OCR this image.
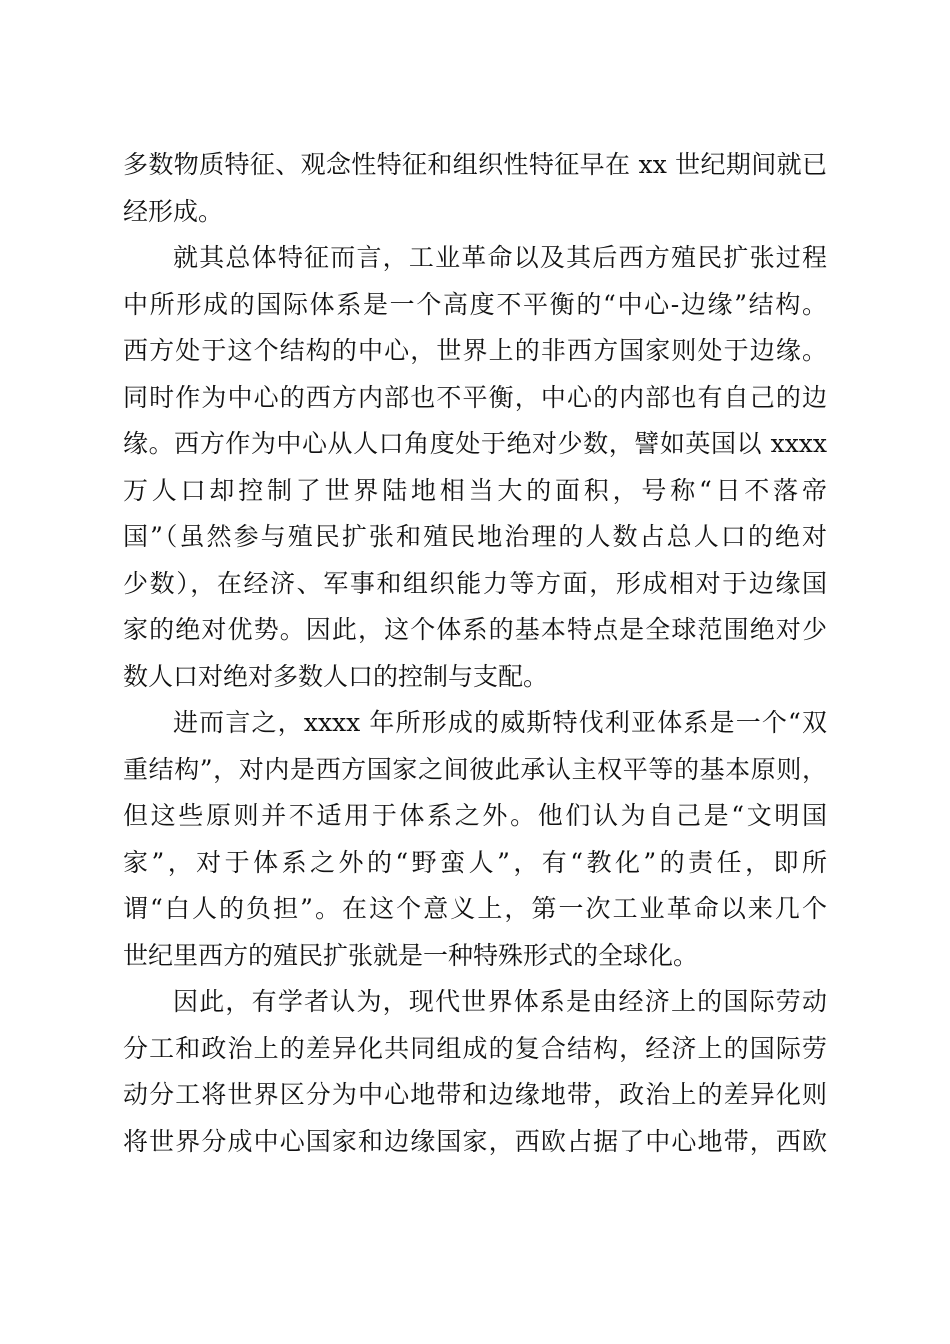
多数物质特征、观念性特征和组织性特征早在 xx 世纪期间就已
经形成。
就其总体特征而言，工业革命以及其后西方殖民扩张过程
中所形成的国际体系是一个高度不平衡的“中心-边缘”结构。
西方处于这个结构的中心，世界上的非西方国家则处于边缘。
同时作为中心的西方内部也不平衡，中心的内部也有自己的边
缘。西方作为中心从人口角度处于绝对少数，譬如英国以 xxxx
万人口却控制了世界陆地相当大的面积，号称“日不落帝
国”（虽然参与殖民扩张和殖民地治理的人数占总人口的绝对
少数），在经济、军事和组织能力等方面，形成相对于边缘国
家的绝对优势。因此，这个体系的基本特点是全球范围绝对少
数人口对绝对多数人口的控制与支配。
进而言之，xxxx 年所形成的威斯特伐利亚体系是一个“双
重结构”，对内是西方国家之间彼此承认主权平等的基本原则，
但这些原则并不适用于体系之外。他们认为自己是“文明国
家”，对于体系之外的“野蛮人”，有“教化”的责任，即所
谓“白人的负担”。在这个意义上，第一次工业革命以来几个
世纪里西方的殖民扩张就是一种特殊形式的全球化。
因此，有学者认为，现代世界体系是由经济上的国际劳动
分工和政治上的差异化共同组成的复合结构，经济上的国际劳
动分工将世界区分为中心地带和边缘地带，政治上的差异化则
将世界分成中心国家和边缘国家，西欧占据了中心地带，西欧
